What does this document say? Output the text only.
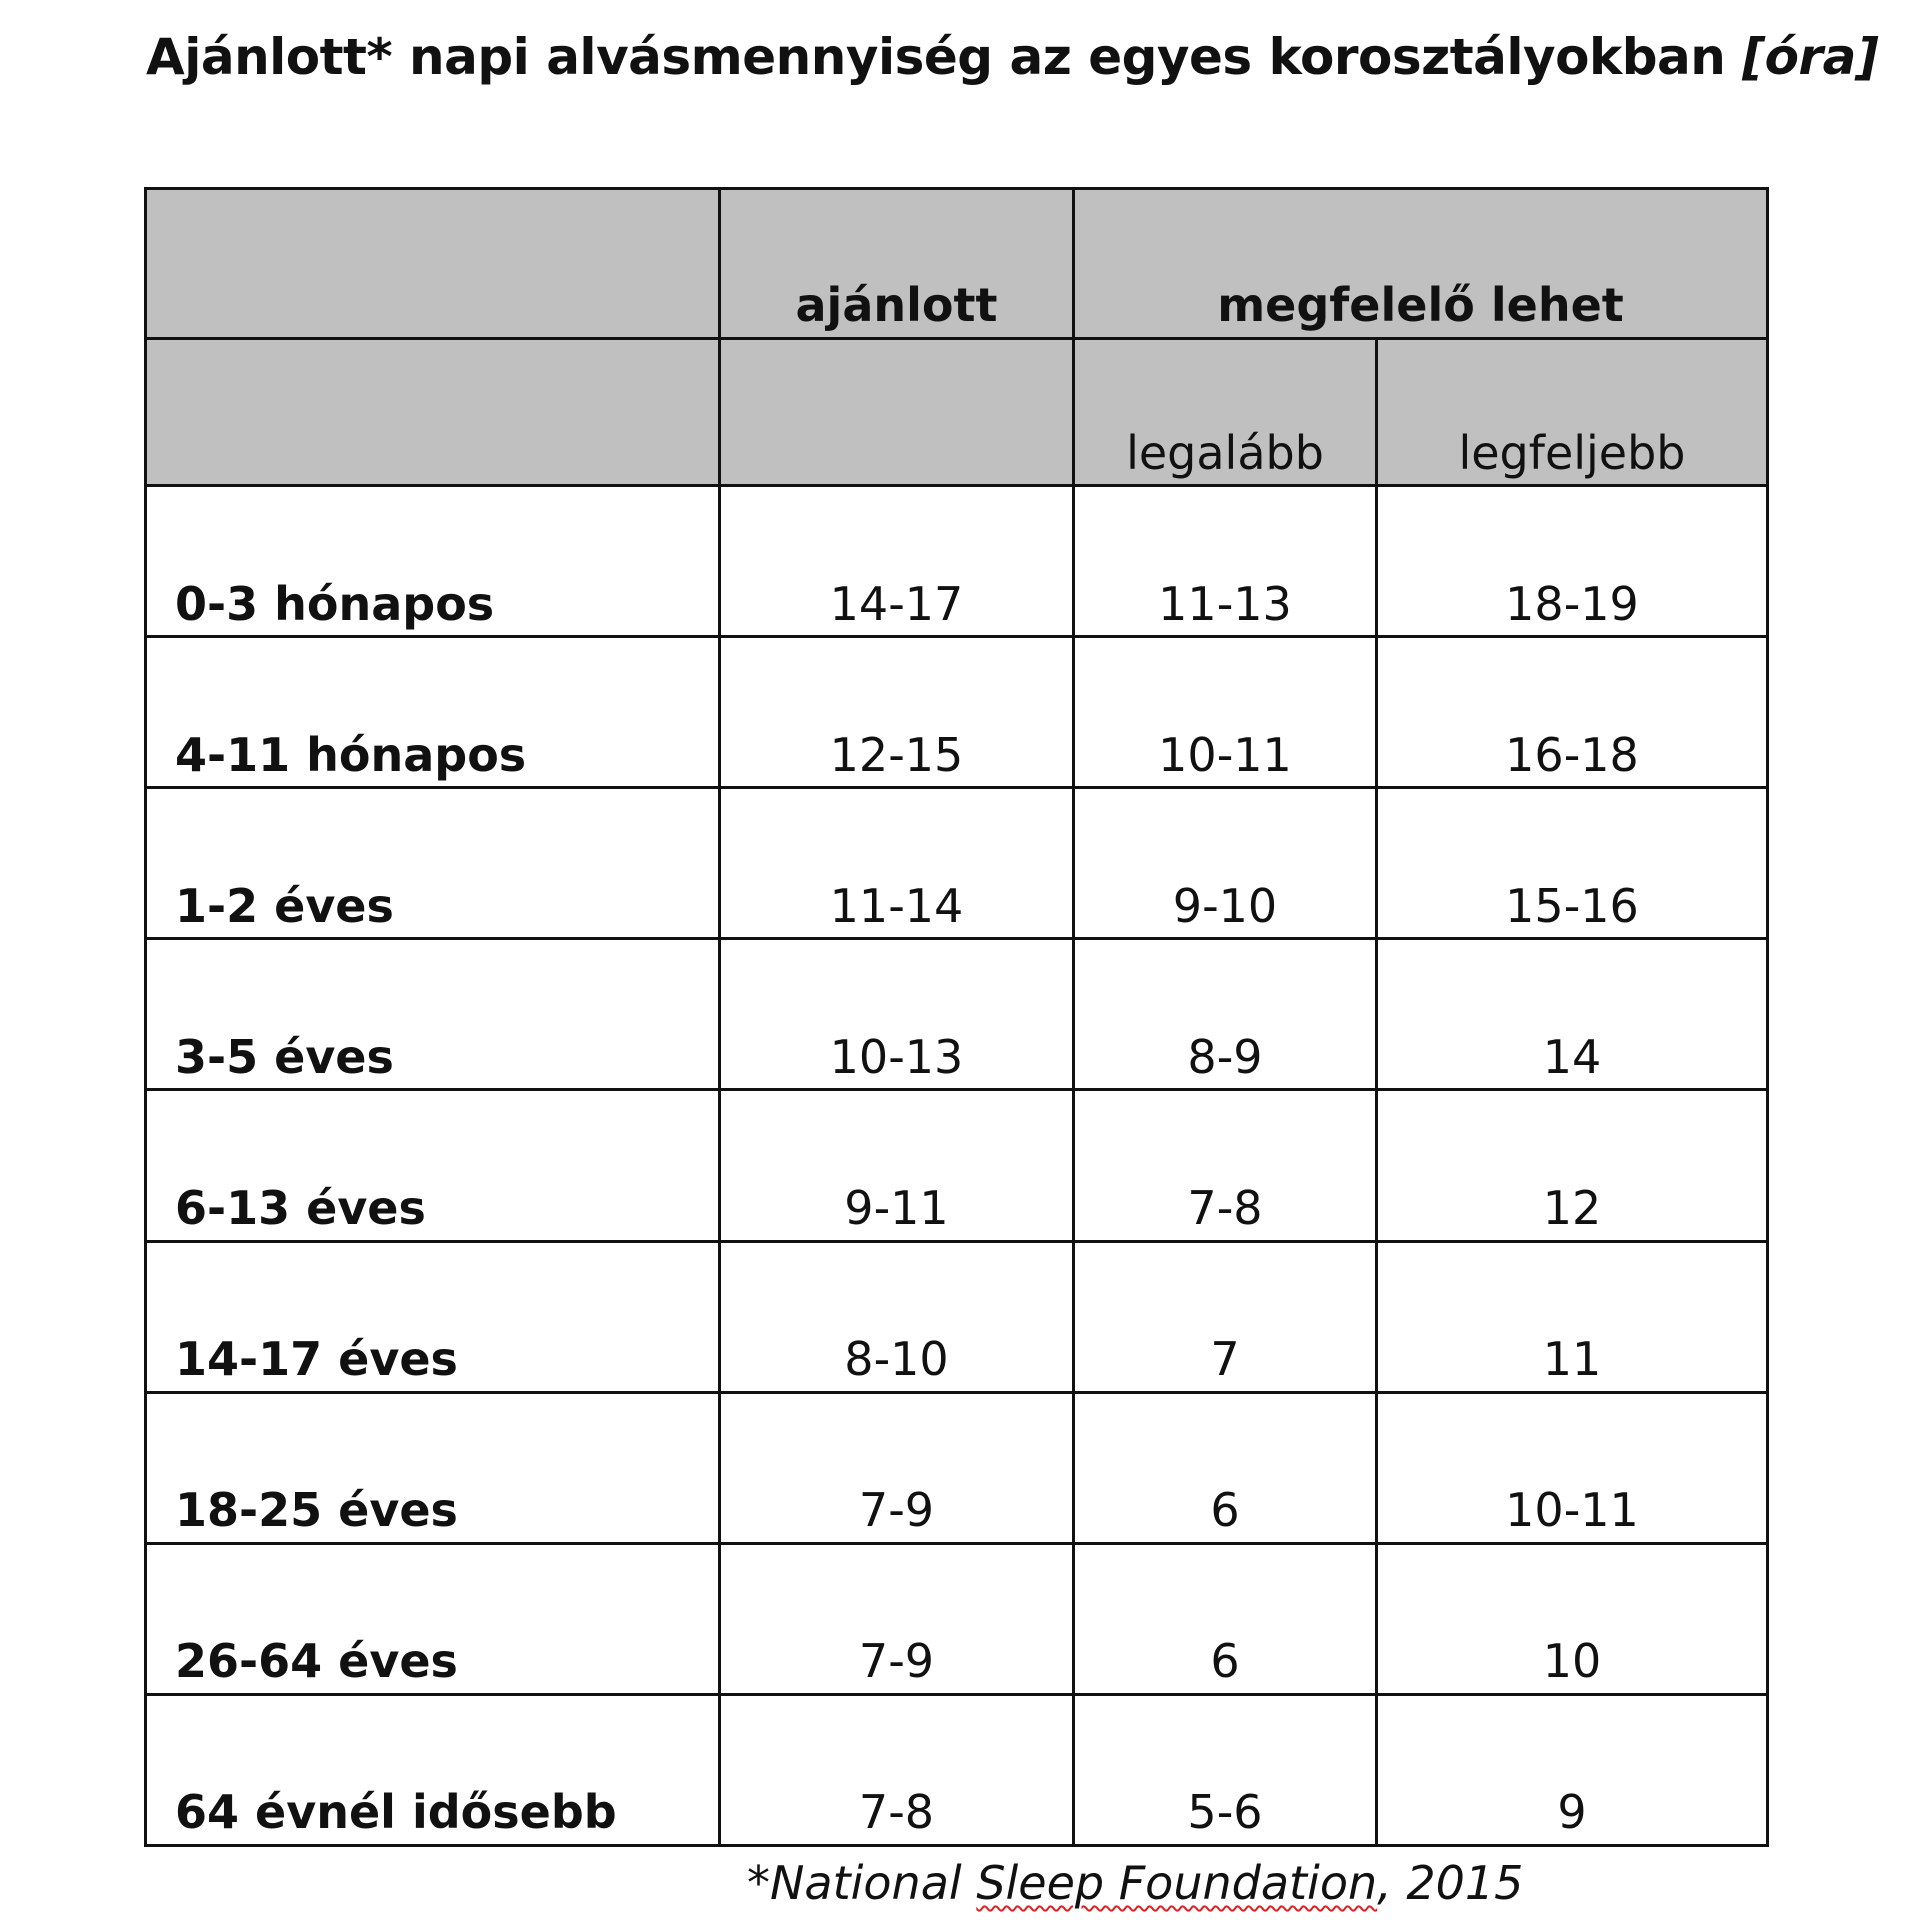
Ajánlott* napi alvásmennyiség az egyes korosztályokban [óra]
	ajánlott	megfelelő lehet	
		legalább	legfeljebb
0-3 hónapos	14-17	11-13	18-19
4-11 hónapos	12-15	10-11	16-18
1-2 éves	11-14	9-10	15-16
3-5 éves	10-13	8-9	14
6-13 éves	9-11	7-8	12
14-17 éves	8-10	7	11
18-25 éves	7-9	6	10-11
26-64 éves	7-9	6	10
64 évnél idősebb	7-8	5-6	9
*National Sleep Foundation, 2015
